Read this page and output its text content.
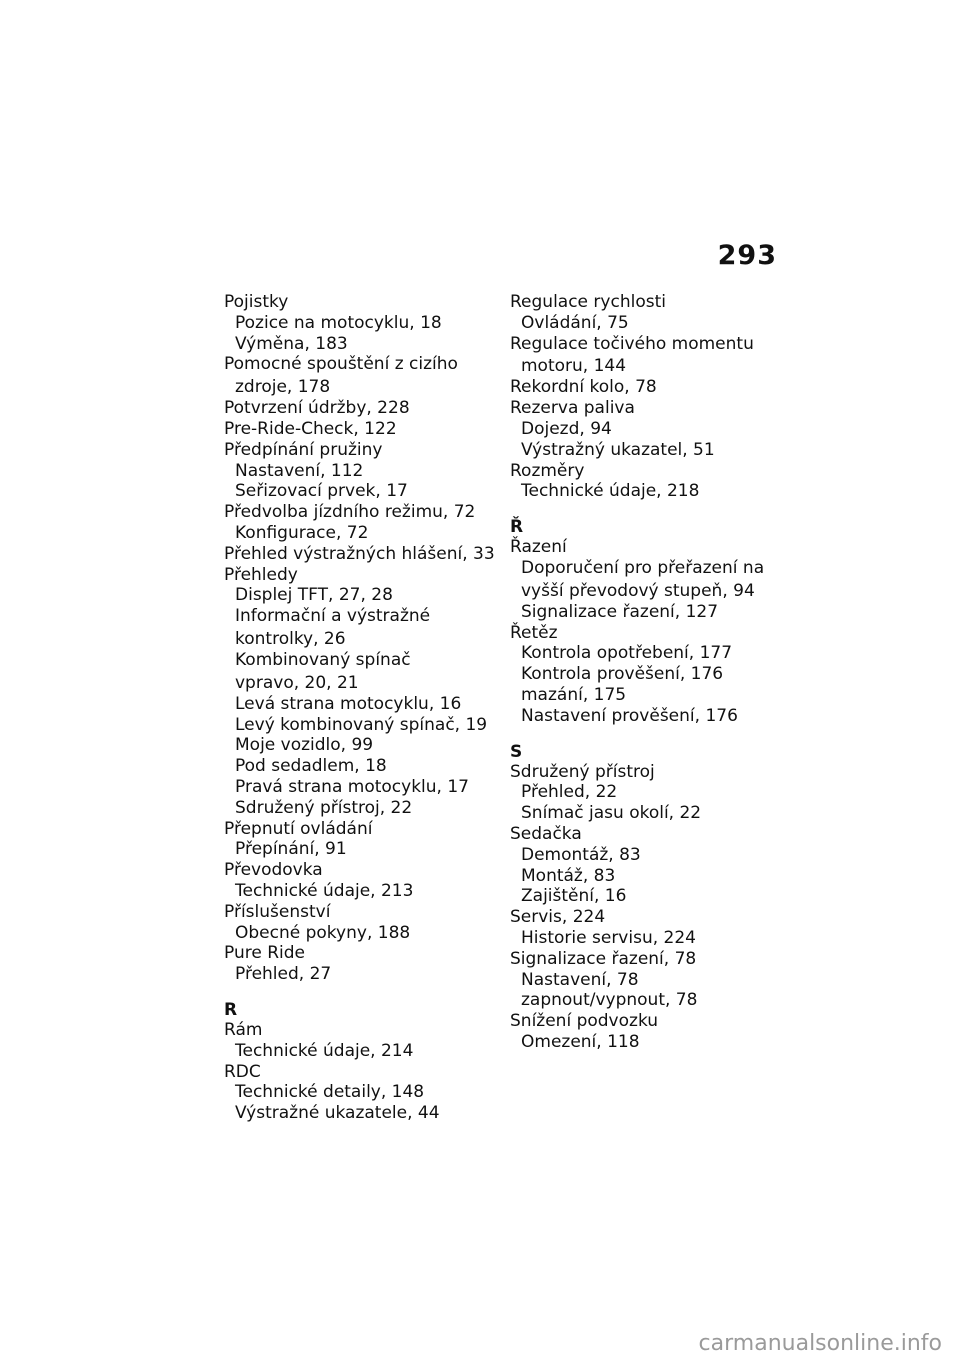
293
Pojistky
Pozice na motocyklu, 18
Výměna, 183
Pomocné spouštění z cizího
zdroje, 178
Potvrzení údržby, 228
Pre-Ride-Check, 122
Předpínání pružiny
Nastavení, 112
Seřizovací prvek, 17
Předvolba jízdního režimu, 72
Konfigurace, 72
Přehled výstražných hlášení, 33
Přehledy
Displej TFT, 27, 28
Informační a výstražné
kontrolky, 26
Kombinovaný spínač
vpravo, 20, 21
Levá strana motocyklu, 16
Levý kombinovaný spínač, 19
Moje vozidlo, 99
Pod sedadlem, 18
Pravá strana motocyklu, 17
Sdružený přístroj, 22
Přepnutí ovládání
Přepínání, 91
Převodovka
Technické údaje, 213
Příslušenství
Obecné pokyny, 188
Pure Ride
Přehled, 27
R
Rám
Technické údaje, 214
RDC
Technické detaily, 148
Výstražné ukazatele, 44
Regulace rychlosti
Ovládání, 75
Regulace točivého momentu
motoru, 144
Rekordní kolo, 78
Rezerva paliva
Dojezd, 94
Výstražný ukazatel, 51
Rozměry
Technické údaje, 218
Ř
Řazení
Doporučení pro přeřazení na
vyšší převodový stupeň, 94
Signalizace řazení, 127
Řetěz
Kontrola opotřebení, 177
Kontrola prověšení, 176
mazání, 175
Nastavení prověšení, 176
S
Sdružený přístroj
Přehled, 22
Snímač jasu okolí, 22
Sedačka
Demontáž, 83
Montáž, 83
Zajištění, 16
Servis, 224
Historie servisu, 224
Signalizace řazení, 78
Nastavení, 78
zapnout/vypnout, 78
Snížení podvozku
Omezení, 118
carmanualsonline.info
